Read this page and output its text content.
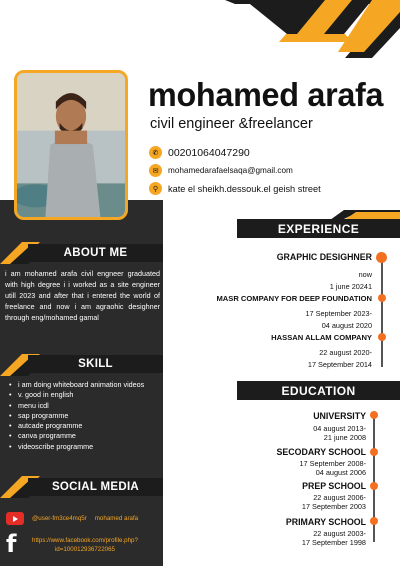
mohamed arafa
civil engineer &freelancer
✆ 00201064047290
✉	mohamedarafaelsaqa@gmail.com
⚲	kate el sheikh.dessouk.el geish street
ABOUT ME
i am mohamed arafa civil engneer graduated with high degree i i worked as a site engineer utill 2023 and after that i entered the world of freelance and now i am agraohic desighner through eng/mohamed gamal
SKILL
• i am doing whiteboard animation videos
• v. good in english
• menu icdl
• sap programme
• autcade programme
• canva programme
• videoscribe programme
SOCIAL MEDIA
@user-fm3ce4mq5r mohamed arafa
f	https://www.facebook.com/profile.php?
id=100012936722065
EXPERIENCE
GRAPHIC DESIGHNER
now
1 june 20241
MASR COMPANY FOR DEEP FOUNDATION
17 September 2023-
04 august 2020
HASSAN ALLAM COMPANY
22 august 2020-
17 September 2014
EDUCATION
UNIVERSITY
04 august 2013-
21 june 2008
SECODARY SCHOOL
17 September 2008-
04 august 2006
PREP SCHOOL
22 august 2006-
17 September 2003
PRIMARY SCHOOL
22 august 2003-
17 September 1998
